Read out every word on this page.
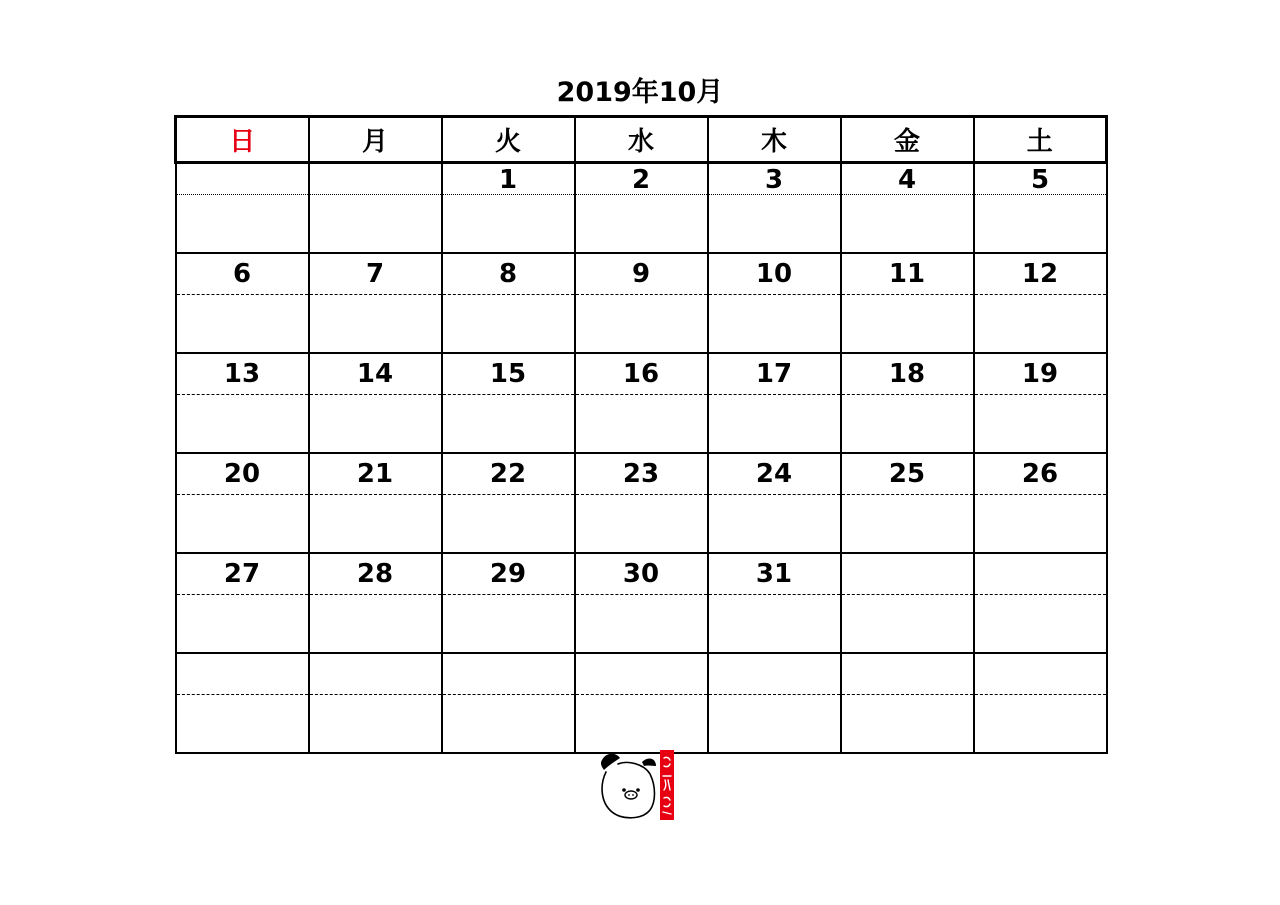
2019年10月
日	月	火	水	木	金	土
		1	2	3	4	5

6	7	8	9	10	11	12

13	14	15	16	17	18	19

20	21	22	23	24	25	26

27	28	29	30	31		
